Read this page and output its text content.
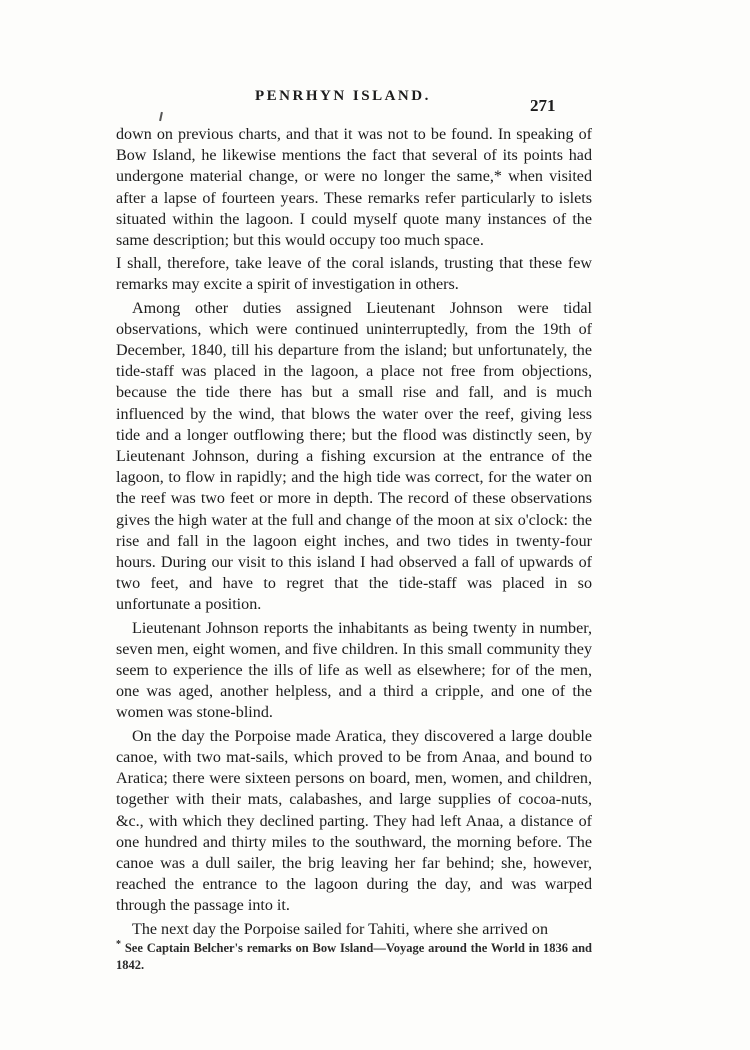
PENRHYN ISLAND.	271

down on previous charts, and that it was not to be found. In speaking of Bow Island, he likewise mentions the fact that several of its points had undergone material change, or were no longer the same,* when visited after a lapse of fourteen years. These remarks refer particularly to islets situated within the lagoon. I could myself quote many instances of the same description; but this would occupy too much space.

I shall, therefore, take leave of the coral islands, trusting that these few remarks may excite a spirit of investigation in others.

Among other duties assigned Lieutenant Johnson were tidal observations, which were continued uninterruptedly, from the 19th of December, 1840, till his departure from the island; but unfortunately, the tide-staff was placed in the lagoon, a place not free from objections, because the tide there has but a small rise and fall, and is much influenced by the wind, that blows the water over the reef, giving less tide and a longer outflowing there; but the flood was distinctly seen, by Lieutenant Johnson, during a fishing excursion at the entrance of the lagoon, to flow in rapidly; and the high tide was correct, for the water on the reef was two feet or more in depth. The record of these observations gives the high water at the full and change of the moon at six o'clock: the rise and fall in the lagoon eight inches, and two tides in twenty-four hours. During our visit to this island I had observed a fall of upwards of two feet, and have to regret that the tide-staff was placed in so unfortunate a position.

Lieutenant Johnson reports the inhabitants as being twenty in number, seven men, eight women, and five children. In this small community they seem to experience the ills of life as well as elsewhere; for of the men, one was aged, another helpless, and a third a cripple, and one of the women was stone-blind.

On the day the Porpoise made Aratica, they discovered a large double canoe, with two mat-sails, which proved to be from Anaa, and bound to Aratica; there were sixteen persons on board, men, women, and children, together with their mats, calabashes, and large supplies of cocoa-nuts, &c., with which they declined parting. They had left Anaa, a distance of one hundred and thirty miles to the southward, the morning before. The canoe was a dull sailer, the brig leaving her far behind; she, however, reached the entrance to the lagoon during the day, and was warped through the passage into it.

The next day the Porpoise sailed for Tahiti, where she arrived on

* See Captain Belcher's remarks on Bow Island—Voyage around the World in 1836 and 1842.
